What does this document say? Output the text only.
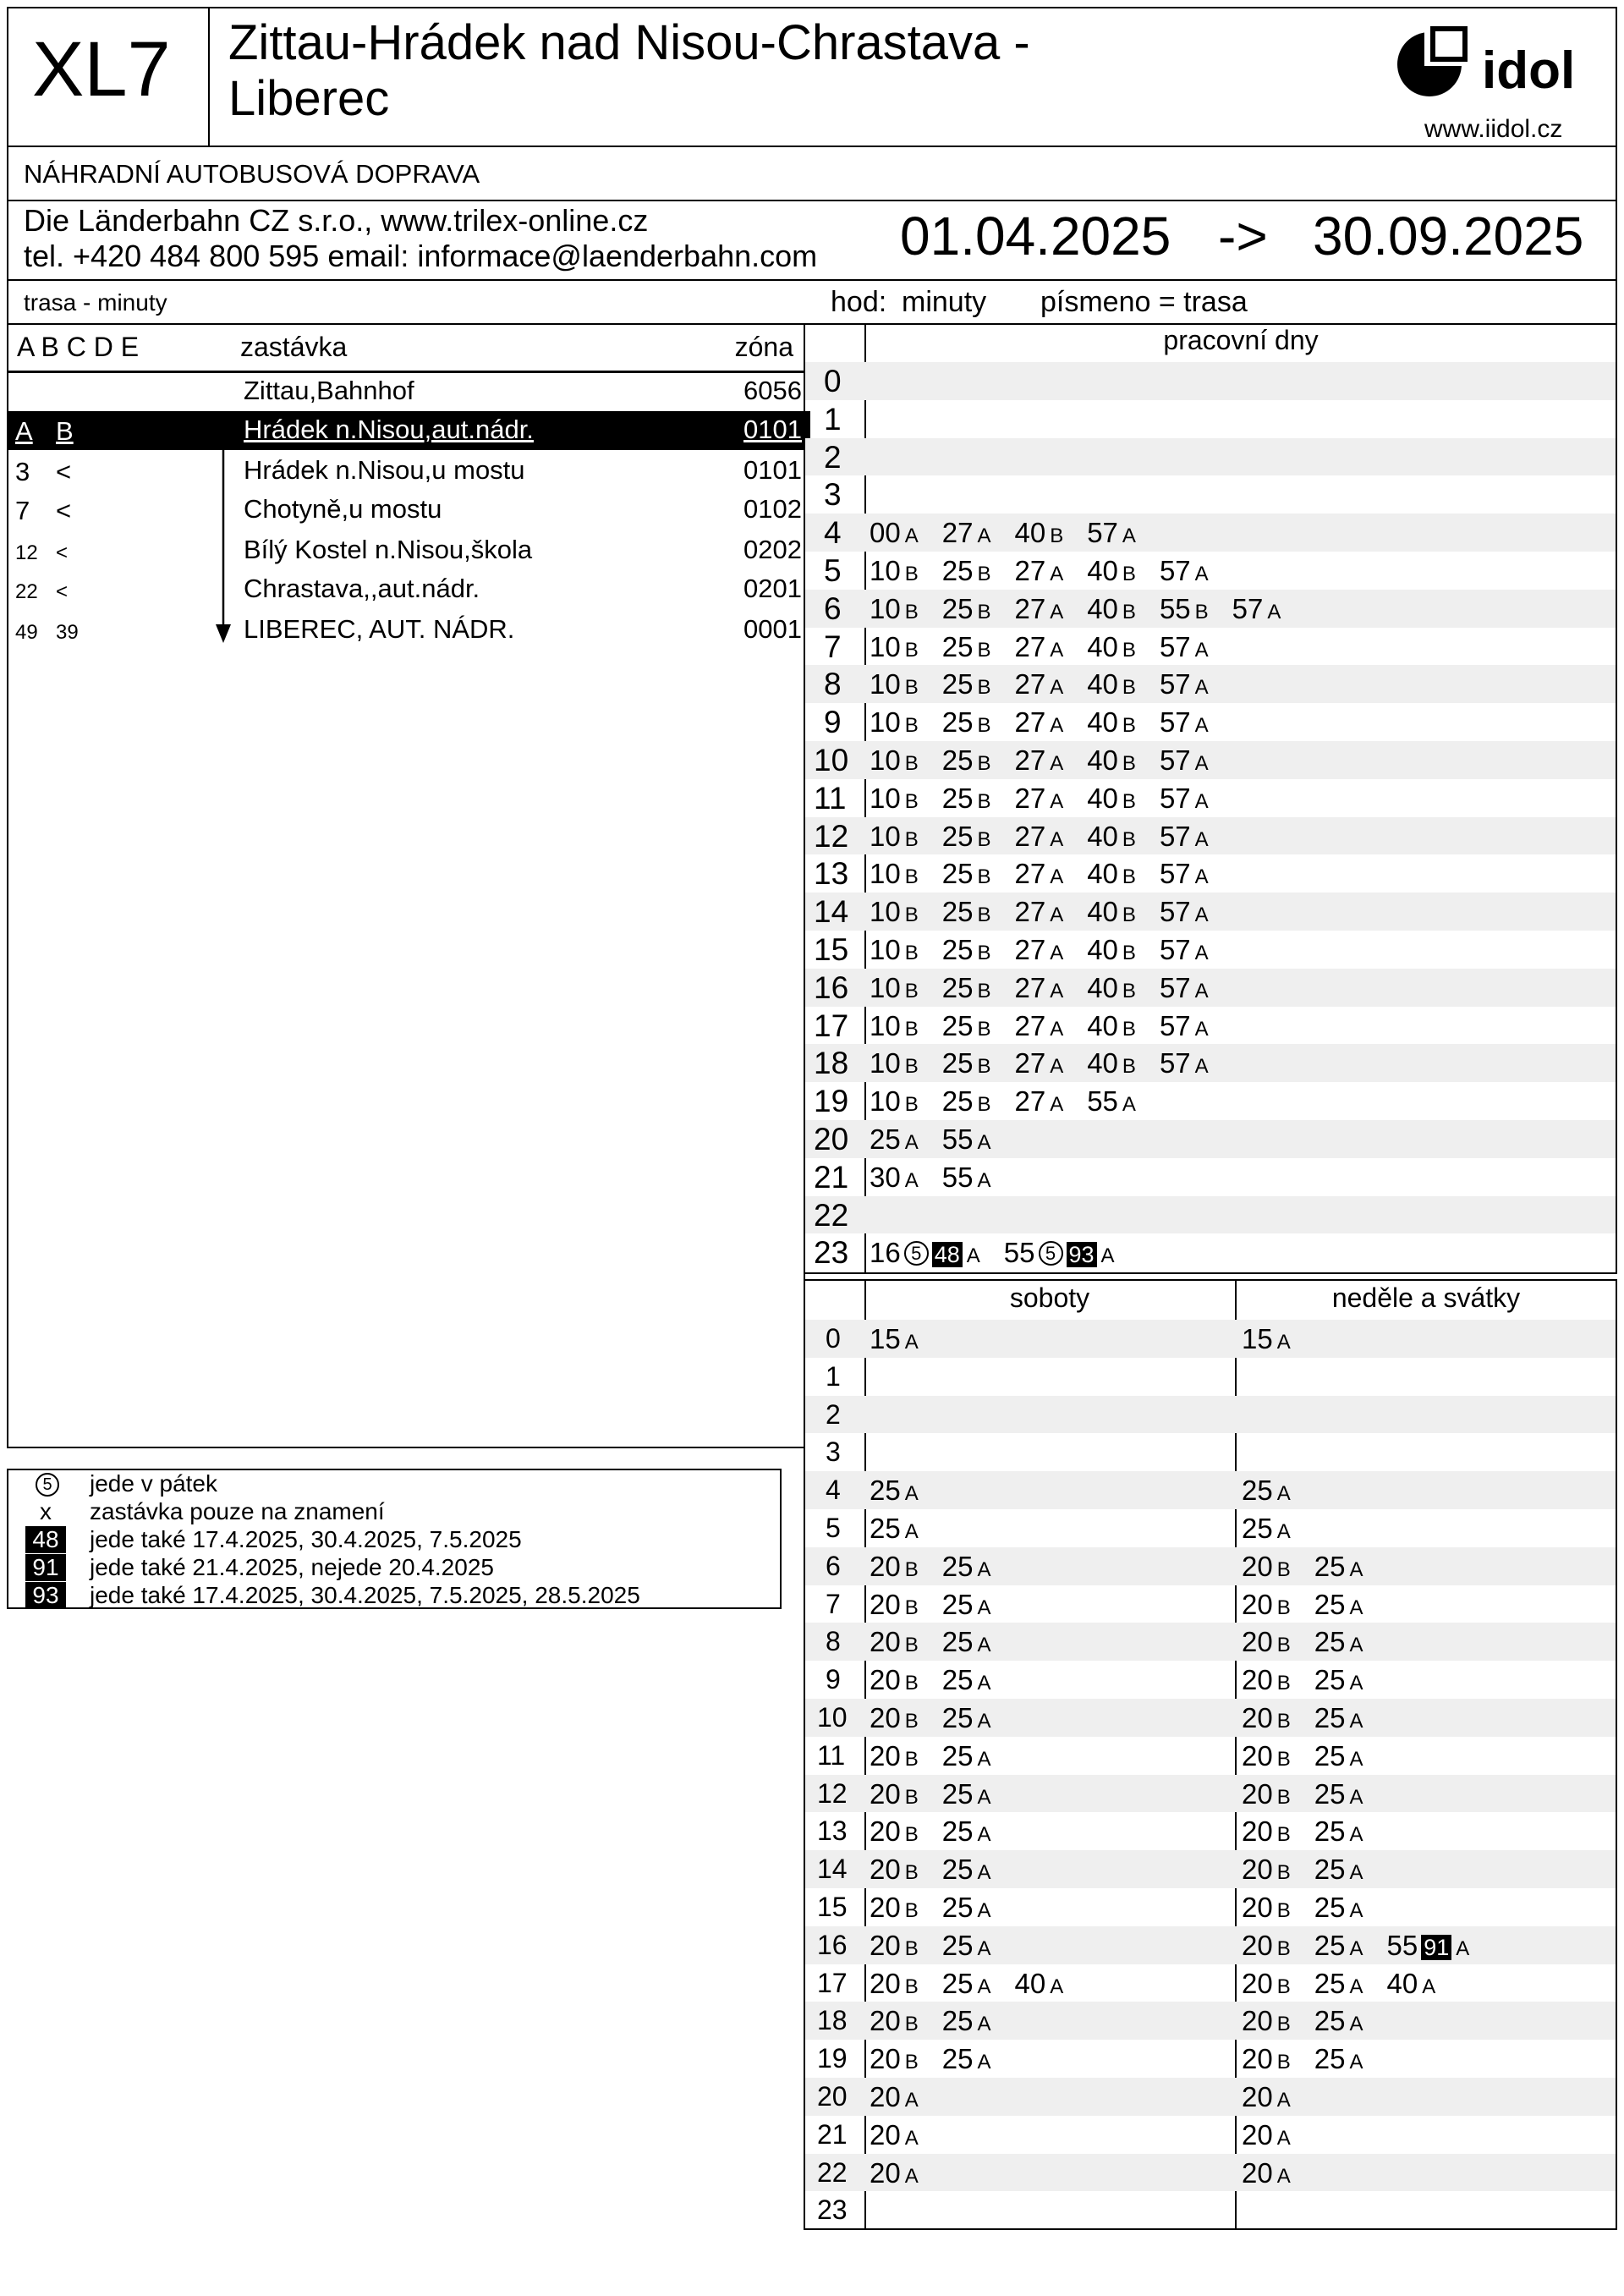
XL7 Zittau-Hrádek nad Nisou-Chrastava -
Liberec	idol
www.iidol.cz
NÁHRADNÍ AUTOBUSOVÁ DOPRAVA
Die Länderbahn CZ s.r.o., www.trilex-online.cz
tel. +420 484 800 595 email: informace@laenderbahn.com 01.04.2025 -> 30.09.2025
trasa - minuty	hod: minuty písmeno = trasa
A B C D E	zastávka	zóna
Zittau,Bahnhof	6056
A B	Hrádek n.Nisou,aut.nádr.	0101
3 <	Hrádek n.Nisou,u mostu	0101
7 <	Chotyně,u mostu	0102
12 <	Bílý Kostel n.Nisou,škola	0202
22 <	Chrastava,,aut.nádr.	0201
49 39	LIBEREC, AUT. NÁDR.	0001
5	jede v pátek
x	zastávka pouze na znamení
48	jede také 17.4.2025, 30.4.2025, 7.5.2025
91	jede také 21.4.2025, nejede 20.4.2025
93	jede také 17.4.2025, 30.4.2025, 7.5.2025, 28.5.2025
pracovní dny
0
1
2
3
4 00 A 27 A 40 B 57 A
5 10 B 25 B 27 A 40 B 57 A
6 10 B 25 B 27 A 40 B 55 B 57 A
7 10 B 25 B 27 A 40 B 57 A
8 10 B 25 B 27 A 40 B 57 A
9 10 B 25 B 27 A 40 B 57 A
10 10 B 25 B 27 A 40 B 57 A
11 10 B 25 B 27 A 40 B 57 A
12 10 B 25 B 27 A 40 B 57 A
13 10 B 25 B 27 A 40 B 57 A
14 10 B 25 B 27 A 40 B 57 A
15 10 B 25 B 27 A 40 B 57 A
16 10 B 25 B 27 A 40 B 57 A
17 10 B 25 B 27 A 40 B 57 A
18 10 B 25 B 27 A 40 B 57 A
19 10 B 25 B 27 A 55 A
20 25 A 55 A
21 30 A 55 A
22
23 16 5 48 A 55 5 93 A
soboty	neděle a svátky
0 15 A	15 A
1
2
3
4 25 A	25 A
5 25 A	25 A
6 20 B 25 A	20 B 25 A
7 20 B 25 A	20 B 25 A
8 20 B 25 A	20 B 25 A
9 20 B 25 A	20 B 25 A
10 20 B 25 A	20 B 25 A
11 20 B 25 A	20 B 25 A
12 20 B 25 A	20 B 25 A
13 20 B 25 A	20 B 25 A
14 20 B 25 A	20 B 25 A
15 20 B 25 A	20 B 25 A
16 20 B 25 A	20 B 25 A 55 91 A
17 20 B 25 A 40 A	20 B 25 A 40 A
18 20 B 25 A	20 B 25 A
19 20 B 25 A	20 B 25 A
20 20 A	20 A
21 20 A	20 A
22 20 A	20 A
23
